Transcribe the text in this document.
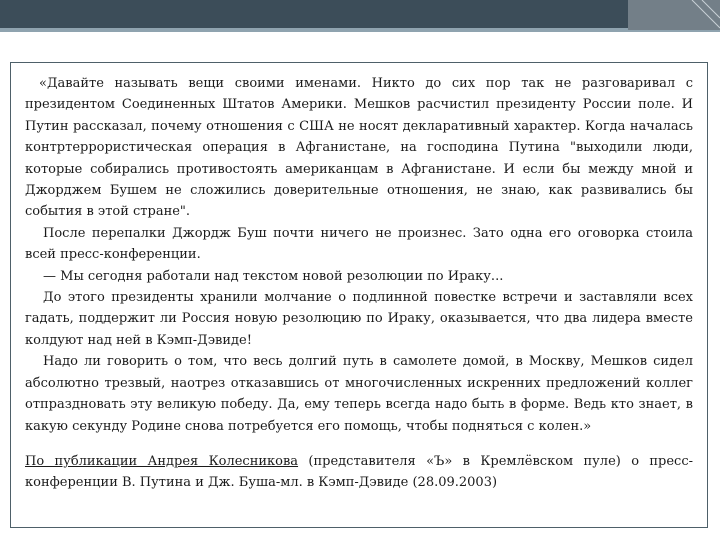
«Давайте называть вещи своими именами. Никто до сих пор так не разговаривал с президентом Соединенных Штатов Америки. Мешков расчистил президенту России поле. И Путин рассказал, почему отношения с США не носят декларативный характер. Когда началась контртеррористическая операция в Афганистане, на господина Путина "выходили люди, которые собирались противостоять американцам в Афганистане. И если бы между мной и Джорджем Бушем не сложились доверительные отношения, не знаю, как развивались бы события в этой стране".

После перепалки Джордж Буш почти ничего не произнес. Зато одна его оговорка стоила всей пресс-конференции.

— Мы сегодня работали над текстом новой резолюции по Ираку...

До этого президенты хранили молчание о подлинной повестке встречи и заставляли всех гадать, поддержит ли Россия новую резолюцию по Ираку, оказывается, что два лидера вместе колдуют над ней в Кэмп-Дэвиде!

Надо ли говорить о том, что весь долгий путь в самолете домой, в Москву, Мешков сидел абсолютно трезвый, наотрез отказавшись от многочисленных искренних предложений коллег отпраздновать эту великую победу. Да, ему теперь всегда надо быть в форме. Ведь кто знает, в какую секунду Родине снова потребуется его помощь, чтобы подняться с колен.»

По публикации Андрея Колесникова (представителя «Ъ» в Кремлёвском пуле) о пресс-конференции В. Путина и Дж. Буша-мл. в Кэмп-Дэвиде (28.09.2003)
